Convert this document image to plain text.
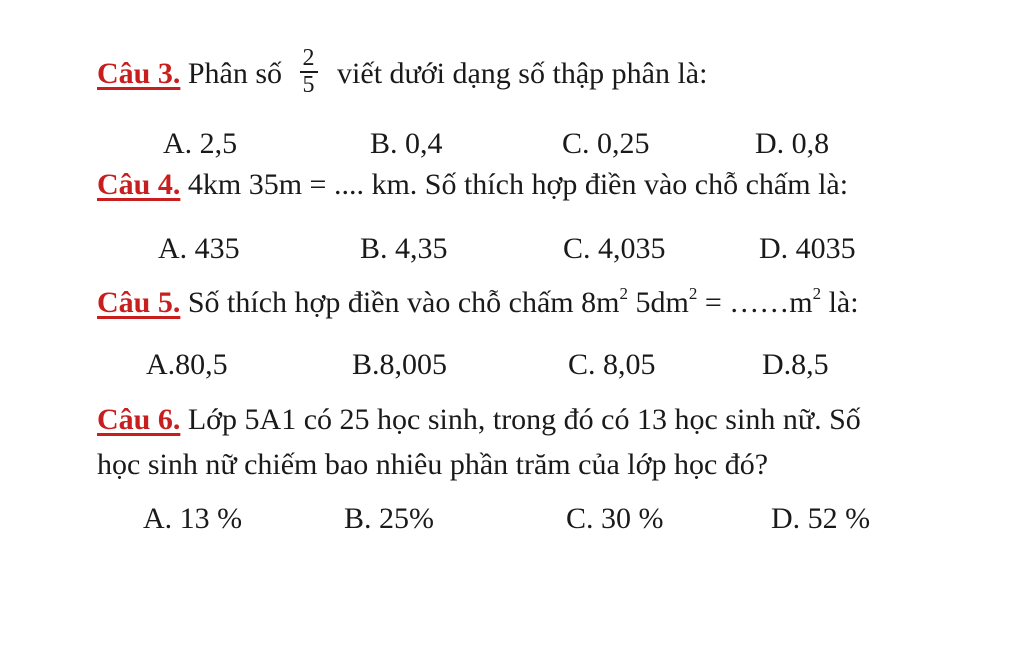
Câu 3. Phân số $\frac{2}{5}$ viết dưới dạng số thập phân là:
A. 2,5	B. 0,4	C. 0,25	D. 0,8
Câu 4. 4km 35m = .... km. Số thích hợp điền vào chỗ chấm là:
A. 435	B. 4,35	C. 4,035	D. 4035
Câu 5. Số thích hợp điền vào chỗ chấm $8m^2$ $5dm^2$ = $\dots\dots m^2$ là:
A.80,5	B.8,005	C. 8,05	D.8,5
Câu 6. Lớp 5A1 có 25 học sinh, trong đó có 13 học sinh nữ. Số
học sinh nữ chiếm bao nhiêu phần trăm của lớp học đó?
A. 13 %	B. 25%	C. 30 %	D. 52 %
